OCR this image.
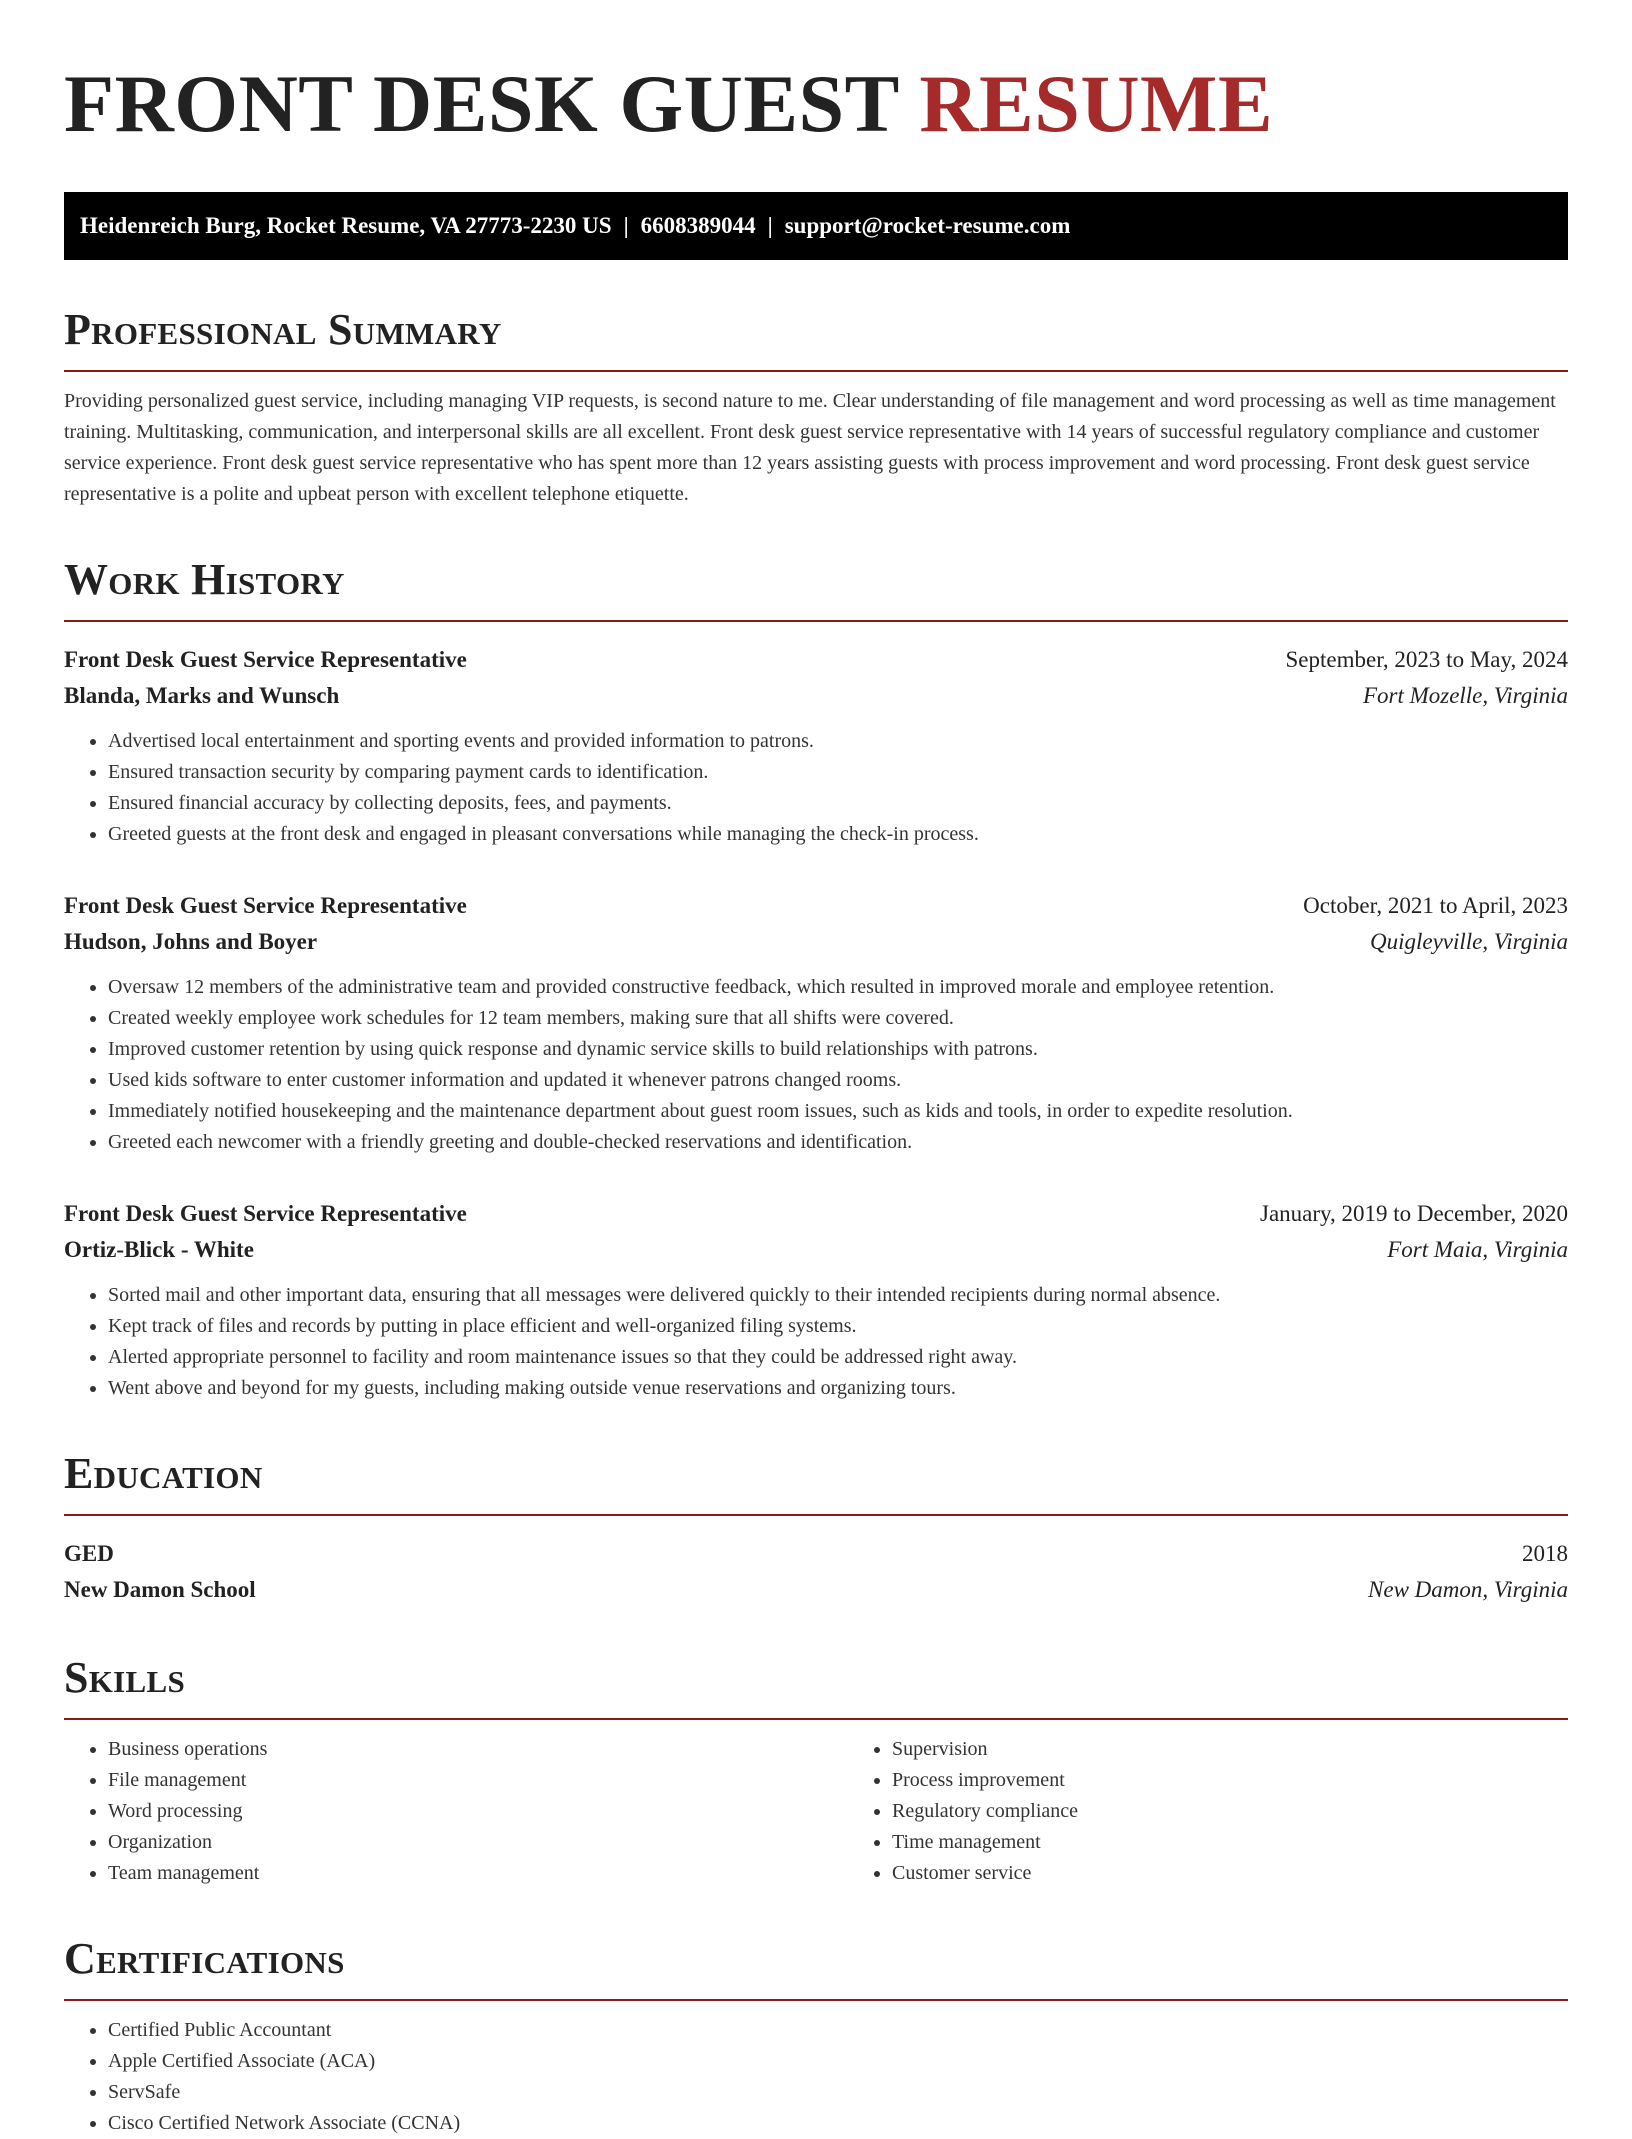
FRONT DESK GUEST RESUME
Heidenreich Burg, Rocket Resume, VA 27773-2230 US | 6608389044 | support@rocket-resume.com
Professional Summary

Providing personalized guest service, including managing VIP requests, is second nature to me. Clear understanding of file management and word processing as well as time management training. Multitasking, communication, and interpersonal skills are all excellent. Front desk guest service representative with 14 years of successful regulatory compliance and customer service experience. Front desk guest service representative who has spent more than 12 years assisting guests with process improvement and word processing. Front desk guest service representative is a polite and upbeat person with excellent telephone etiquette.

Work History
Front Desk Guest Service Representative	September, 2023 to May, 2024
Blanda, Marks and Wunsch	Fort Mozelle, Virginia
• Advertised local entertainment and sporting events and provided information to patrons.
• Ensured transaction security by comparing payment cards to identification.
• Ensured financial accuracy by collecting deposits, fees, and payments.
• Greeted guests at the front desk and engaged in pleasant conversations while managing the check-in process.
Front Desk Guest Service Representative	October, 2021 to April, 2023
Hudson, Johns and Boyer	Quigleyville, Virginia
• Oversaw 12 members of the administrative team and provided constructive feedback, which resulted in improved morale and employee retention.
• Created weekly employee work schedules for 12 team members, making sure that all shifts were covered.
• Improved customer retention by using quick response and dynamic service skills to build relationships with patrons.
• Used kids software to enter customer information and updated it whenever patrons changed rooms.
• Immediately notified housekeeping and the maintenance department about guest room issues, such as kids and tools, in order to expedite resolution.
• Greeted each newcomer with a friendly greeting and double-checked reservations and identification.
Front Desk Guest Service Representative	January, 2019 to December, 2020
Ortiz-Blick - White	Fort Maia, Virginia
• Sorted mail and other important data, ensuring that all messages were delivered quickly to their intended recipients during normal absence.
• Kept track of files and records by putting in place efficient and well-organized filing systems.
• Alerted appropriate personnel to facility and room maintenance issues so that they could be addressed right away.
• Went above and beyond for my guests, including making outside venue reservations and organizing tours.
Education
GED	2018
New Damon School	New Damon, Virginia
Skills
• Business operations
• File management
• Word processing
• Organization
• Team management
• Supervision
• Process improvement
• Regulatory compliance
• Time management
• Customer service
Certifications
• Certified Public Accountant
• Apple Certified Associate (ACA)
• ServSafe
• Cisco Certified Network Associate (CCNA)
